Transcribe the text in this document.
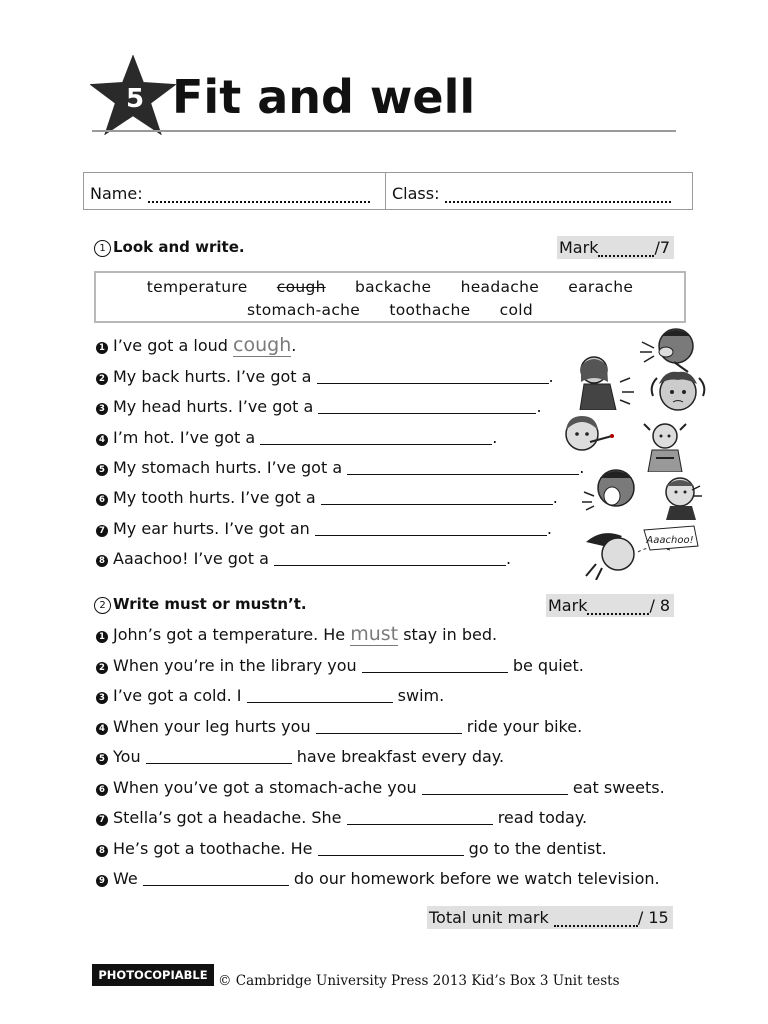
5 Fit and well
Name:	Class:
1 Look and write.	Mark	/7
temperature cough backache headache earache
stomach-ache toothache cold
1 I’ve got a loud cough.
2 My back hurts. I’ve got a	.
3 My head hurts. I’ve got a	.
4 I’m hot. I’ve got a	.
5 My stomach hurts. I’ve got a	.
6 My tooth hurts. I’ve got a	.
7 My ear hurts. I’ve got an	.
8 Aaachoo! I’ve got a	.
Aaachoo!
2 Write must or mustn’t.	Mark	/ 8
1 John’s got a temperature. He must stay in bed.
2 When you’re in the library you	be quiet.
3 I’ve got a cold. I	swim.
4 When your leg hurts you	ride your bike.
5 You	have breakfast every day.
6 When you’ve got a stomach-ache you	eat sweets.
7 Stella’s got a headache. She	read today.
8 He’s got a toothache. He	go to the dentist.
9 We	do our homework before we watch television.
Total unit mark	/ 15
PHOTOCOPIABLE © Cambridge University Press 2013 Kid’s Box 3 Unit tests
